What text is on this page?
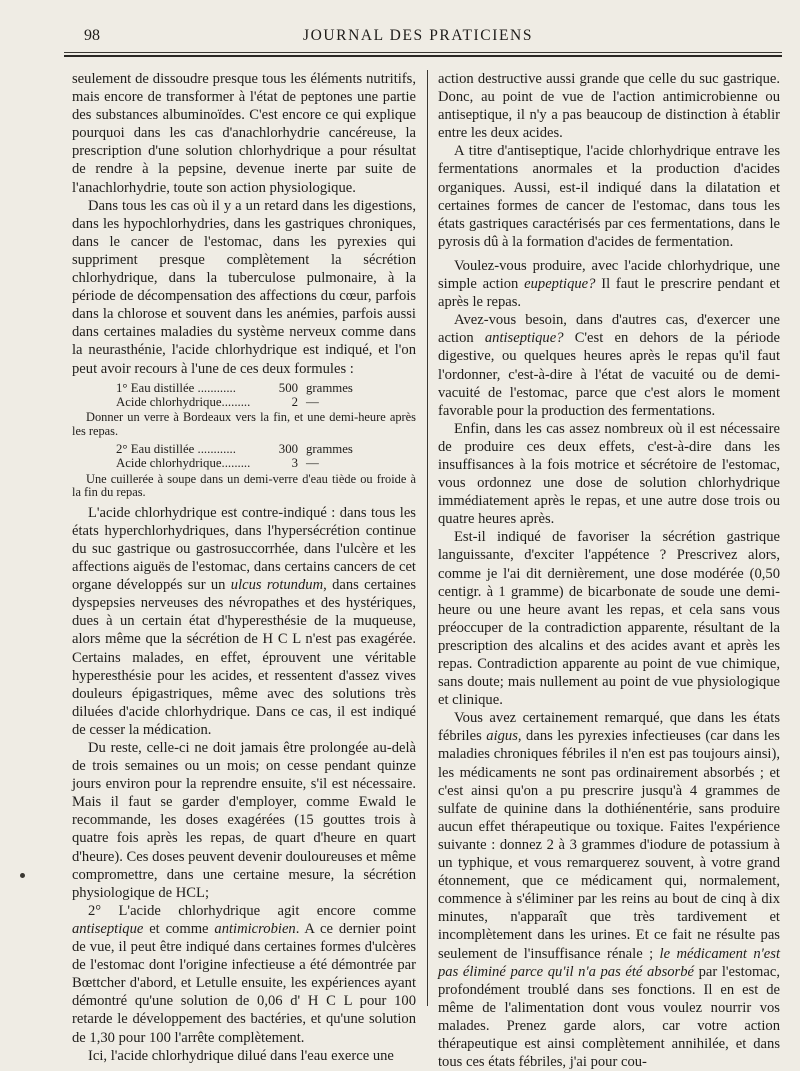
98	JOURNAL DES PRATICIENS

seulement de dissoudre presque tous les éléments nutritifs, mais encore de transformer à l'état de peptones une partie des substances albuminoïdes. C'est encore ce qui explique pourquoi dans les cas d'anachlorhydrie cancéreuse, la prescription d'une solution chlorhydrique a pour résultat de rendre à la pepsine, devenue inerte par suite de l'anachlorhydrie, toute son action physiologique.

Dans tous les cas où il y a un retard dans les digestions, dans les hypochlorhydries, dans les gastriques chroniques, dans le cancer de l'estomac, dans les pyrexies qui suppriment presque complètement la sécrétion chlorhydrique, dans la tuberculose pulmonaire, à la période de décompensation des affections du cœur, parfois dans la chlorose et souvent dans les anémies, parfois aussi dans certaines maladies du système nerveux comme dans la neurasthénie, l'acide chlorhydrique est indiqué, et l'on peut avoir recours à l'une de ces deux formules :

1° Eau distillée ............	500 grammes
Acide chlorhydrique.........	2 —
Donner un verre à Bordeaux vers la fin, et une demi-heure après les repas.
2° Eau distillée ............	300 grammes
Acide chlorhydrique.........	3 —
Une cuillerée à soupe dans un demi-verre d'eau tiède ou froide à la fin du repas.

L'acide chlorhydrique est contre-indiqué : dans tous les états hyperchlorhydriques, dans l'hypersécrétion continue du suc gastrique ou gastrosuccorrhée, dans l'ulcère et les affections aiguës de l'estomac, dans certains cancers de cet organe développés sur un ulcus rotundum, dans certaines dyspepsies nerveuses des névropathes et des hystériques, dues à un certain état d'hyperesthésie de la muqueuse, alors même que la sécrétion de H C L n'est pas exagérée. Certains malades, en effet, éprouvent une véritable hyperesthésie pour les acides, et ressentent d'assez vives douleurs épigastriques, même avec des solutions très diluées d'acide chlorhydrique. Dans ce cas, il est indiqué de cesser la médication.

Du reste, celle-ci ne doit jamais être prolongée au-delà de trois semaines ou un mois; on cesse pendant quinze jours environ pour la reprendre ensuite, s'il est nécessaire. Mais il faut se garder d'employer, comme Ewald le recommande, les doses exagérées (15 gouttes trois à quatre fois après les repas, de quart d'heure en quart d'heure). Ces doses peuvent devenir douloureuses et même compromettre, dans une certaine mesure, la sécrétion physiologique de HCL;

2° L'acide chlorhydrique agit encore comme antiseptique et comme antimicrobien. A ce dernier point de vue, il peut être indiqué dans certaines formes d'ulcères de l'estomac dont l'origine infectieuse a été démontrée par Bœttcher d'abord, et Letulle ensuite, les expériences ayant démontré qu'une solution de 0,06 d' H C L pour 100 retarde le développement des bactéries, et qu'une solution de 1,30 pour 100 l'arrête complètement.

Ici, l'acide chlorhydrique dilué dans l'eau exerce une

action destructive aussi grande que celle du suc gastrique. Donc, au point de vue de l'action antimicrobienne ou antiseptique, il n'y a pas beaucoup de distinction à établir entre les deux acides.

A titre d'antiseptique, l'acide chlorhydrique entrave les fermentations anormales et la production d'acides organiques. Aussi, est-il indiqué dans la dilatation et certaines formes de cancer de l'estomac, dans tous les états gastriques caractérisés par ces fermentations, dans le pyrosis dû à la formation d'acides de fermentation.

Voulez-vous produire, avec l'acide chlorhydrique, une simple action eupeptique? Il faut le prescrire pendant et après le repas.

Avez-vous besoin, dans d'autres cas, d'exercer une action antiseptique? C'est en dehors de la période digestive, ou quelques heures après le repas qu'il faut l'ordonner, c'est-à-dire à l'état de vacuité ou de demi-vacuité de l'estomac, parce que c'est alors le moment favorable pour la production des fermentations.

Enfin, dans les cas assez nombreux où il est nécessaire de produire ces deux effets, c'est-à-dire dans les insuffisances à la fois motrice et sécrétoire de l'estomac, vous ordonnez une dose de solution chlorhydrique immédiatement après le repas, et une autre dose trois ou quatre heures après.

Est-il indiqué de favoriser la sécrétion gastrique languissante, d'exciter l'appétence ? Prescrivez alors, comme je l'ai dit dernièrement, une dose modérée (0,50 centigr. à 1 gramme) de bicarbonate de soude une demi-heure ou une heure avant les repas, et cela sans vous préoccuper de la contradiction apparente, résultant de la prescription des alcalins et des acides avant et après les repas. Contradiction apparente au point de vue chimique, sans doute; mais nullement au point de vue physiologique et clinique.

Vous avez certainement remarqué, que dans les états fébriles aigus, dans les pyrexies infectieuses (car dans les maladies chroniques fébriles il n'en est pas toujours ainsi), les médicaments ne sont pas ordinairement absorbés ; et c'est ainsi qu'on a pu prescrire jusqu'à 4 grammes de sulfate de quinine dans la dothiénentérie, sans produire aucun effet thérapeutique ou toxique. Faites l'expérience suivante : donnez 2 à 3 grammes d'iodure de potassium à un typhique, et vous remarquerez souvent, à votre grand étonnement, que ce médicament qui, normalement, commence à s'éliminer par les reins au bout de cinq à dix minutes, n'apparaît que très tardivement et incomplètement dans les urines. Et ce fait ne résulte pas seulement de l'insuffisance rénale ; le médicament n'est pas éliminé parce qu'il n'a pas été absorbé par l'estomac, profondément troublé dans ses fonctions. Il en est de même de l'alimentation dont vous voulez nourrir vos malades. Prenez garde alors, car votre action thérapeutique est ainsi complètement annihilée, et dans tous ces états fébriles, j'ai pour cou-
